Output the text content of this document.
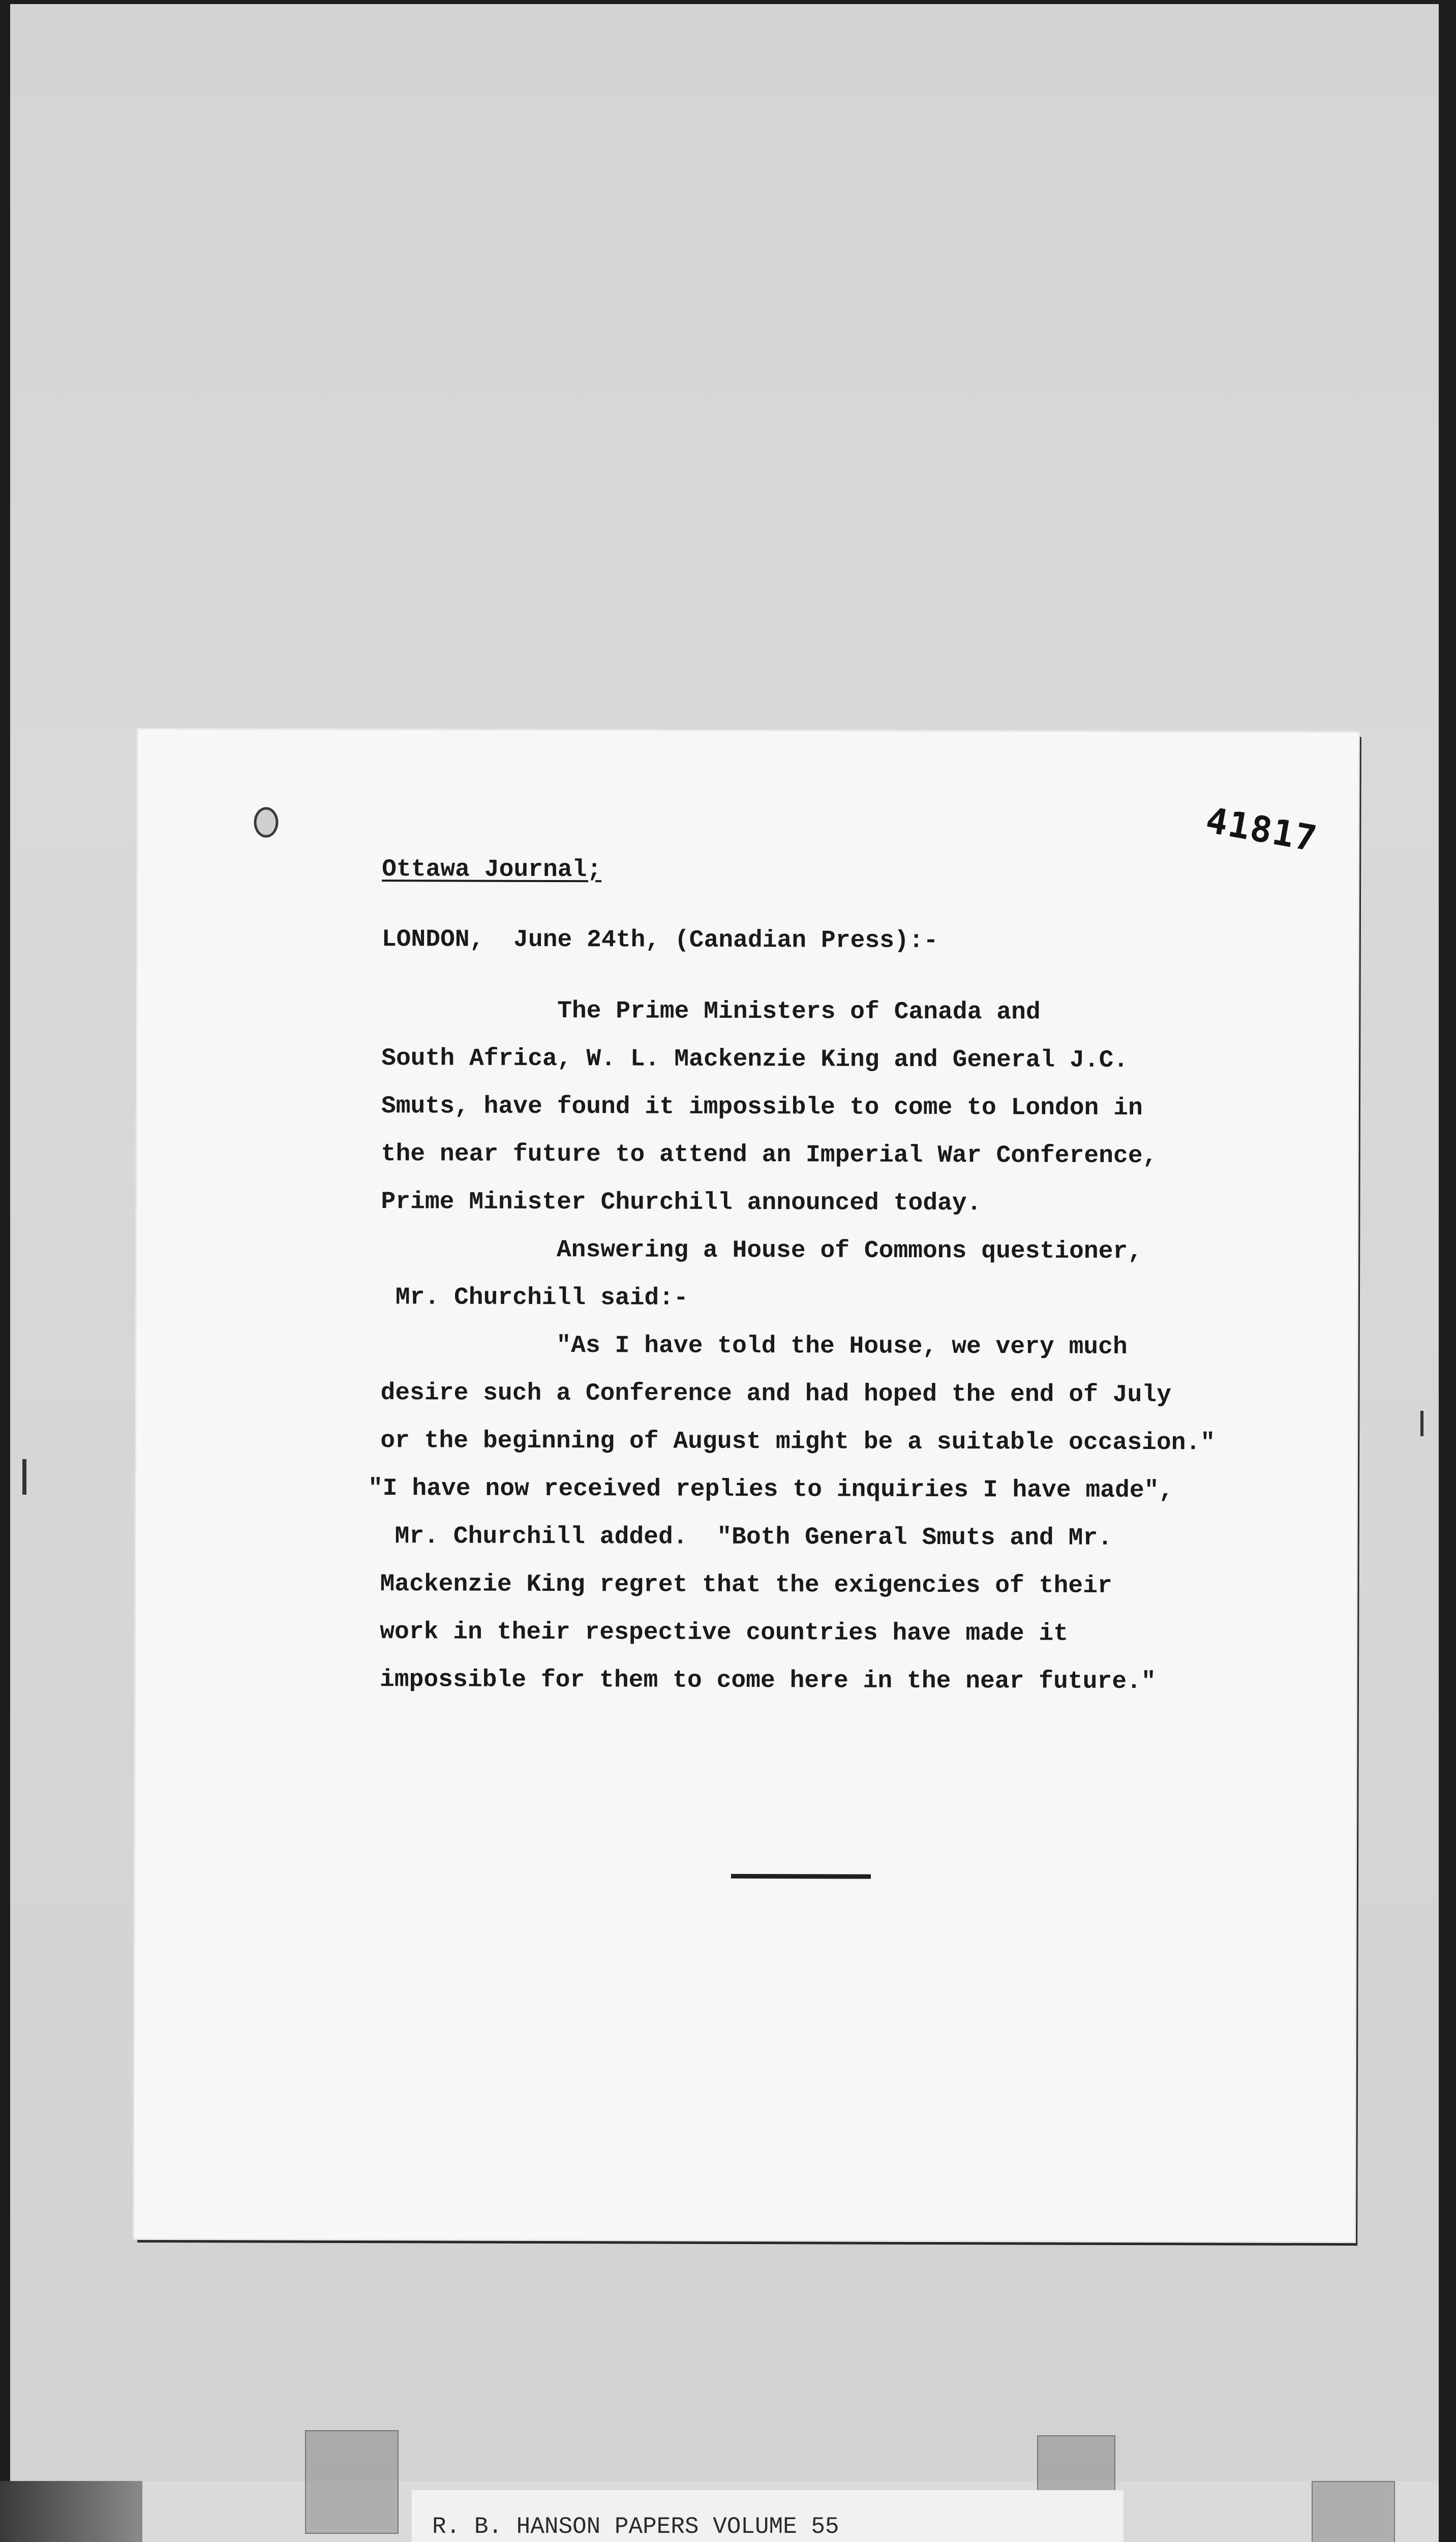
41817
Ottawa Journal;
LONDON,  June 24th, (Canadian Press):-
The Prime Ministers of Canada and
South Africa, W. L. Mackenzie King and General J.C.
Smuts, have found it impossible to come to London in
the near future to attend an Imperial War Conference,
Prime Minister Churchill announced today.
Answering a House of Commons questioner,
Mr. Churchill said:-
"As I have told the House, we very much
desire such a Conference and had hoped the end of July
or the beginning of August might be a suitable occasion."
"I have now received replies to inquiries I have made",
Mr. Churchill added.  "Both General Smuts and Mr.
Mackenzie King regret that the exigencies of their
work in their respective countries have made it
impossible for them to come here in the near future."
R. B. HANSON PAPERS VOLUME 55
